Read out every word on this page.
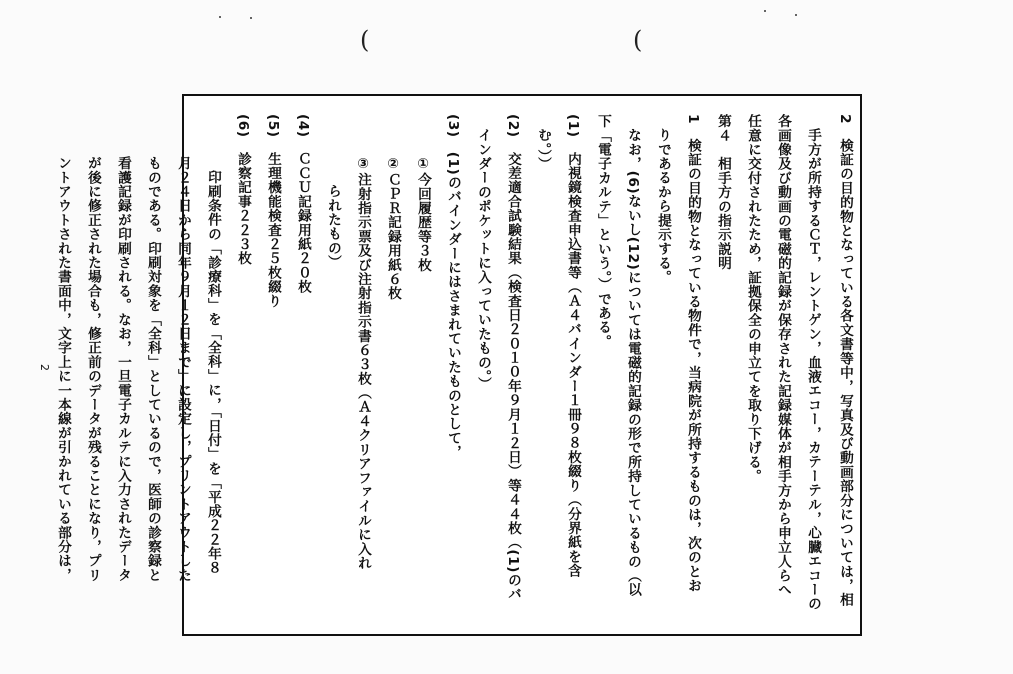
(	(
2　検証の目的物となっている各文書等中，写真及び動画部分については，相
手方が所持するＣＴ，レントゲン，血液エコー，カテーテル，心臓エコーの
各画像及び動画の電磁的記録が保存された記録媒体が相手方から申立人らへ
任意に交付されたため，証拠保全の申立てを取り下げる。
第４　相手方の指示説明
1　検証の目的物となっている物件で，当病院が所持するものは，次のとお
りであるから提示する。
なお，(6)ないし(12)については電磁的記録の形で所持しているもの（以
下「電子カルテ」という。）である。
(1)　内視鏡検査申込書等（Ａ４バインダー１冊９８枚綴り（分界紙を含
む。））
(2)　交差適合試験結果（検査日２０１０年９月１２日）等４４枚（(1)のバ
インダーのポケットに入っていたもの。）
(3)　(1)のバインダーにはさまれていたものとして，
①今回履歴等３枚
②ＣＰＲ記録用紙６枚
③注射指示票及び注射指示書６３枚（Ａ４クリアファイルに入れ
られたもの）
(4)　ＣＣＵ記録用紙２０枚
(5)　生理機能検査２５枚綴り
(6)　診察記事２２３枚
印刷条件の「診療科」を「全科」に，「日付」を「平成２２年８
月２４日から同年９月１２日まで」に設定し，プリントアウトした
ものである。印刷対象を「全科」としているので，医師の診察録と
看護記録が印刷される。なお，一旦電子カルテに入力されたデータ
が後に修正された場合も，修正前のデータが残ることになり，プリ
ントアウトされた書面中，文字上に一本線が引かれている部分は，
2
